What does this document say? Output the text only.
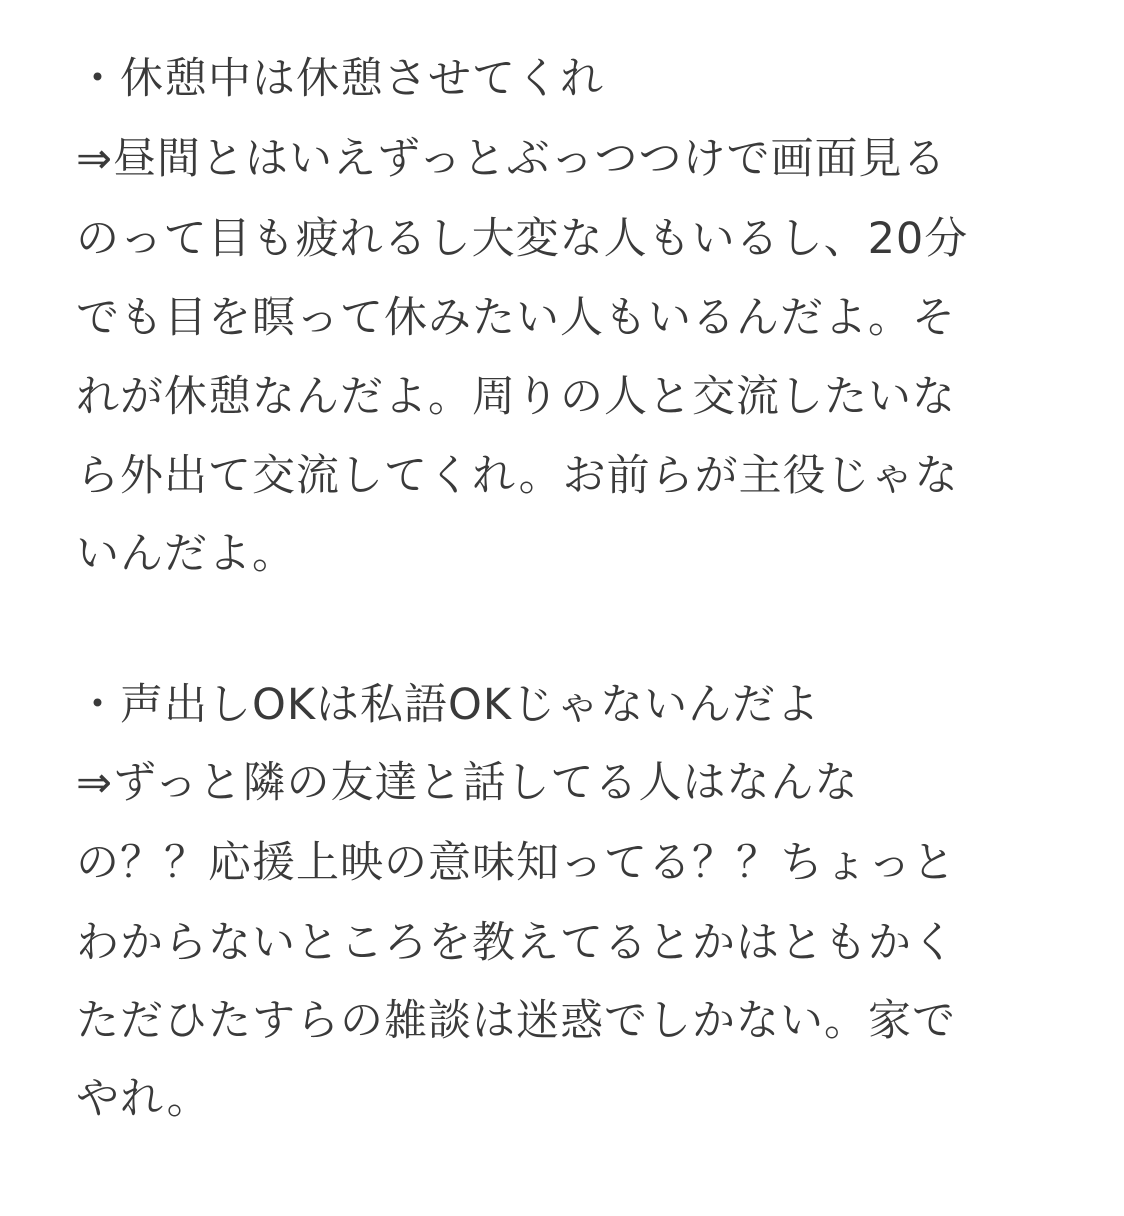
・休憩中は休憩させてくれ
⇒昼間とはいえずっとぶっつつけで画面見る
のって目も疲れるし大変な人もいるし、20分
でも目を瞑って休みたい人もいるんだよ。そ
れが休憩なんだよ。周りの人と交流したいな
ら外出て交流してくれ。お前らが主役じゃな
いんだよ。
・声出しOKは私語OKじゃないんだよ
⇒ずっと隣の友達と話してる人はなんな
の？？応援上映の意味知ってる？？ちょっと
わからないところを教えてるとかはともかく
ただひたすらの雑談は迷惑でしかない。家で
やれ。
